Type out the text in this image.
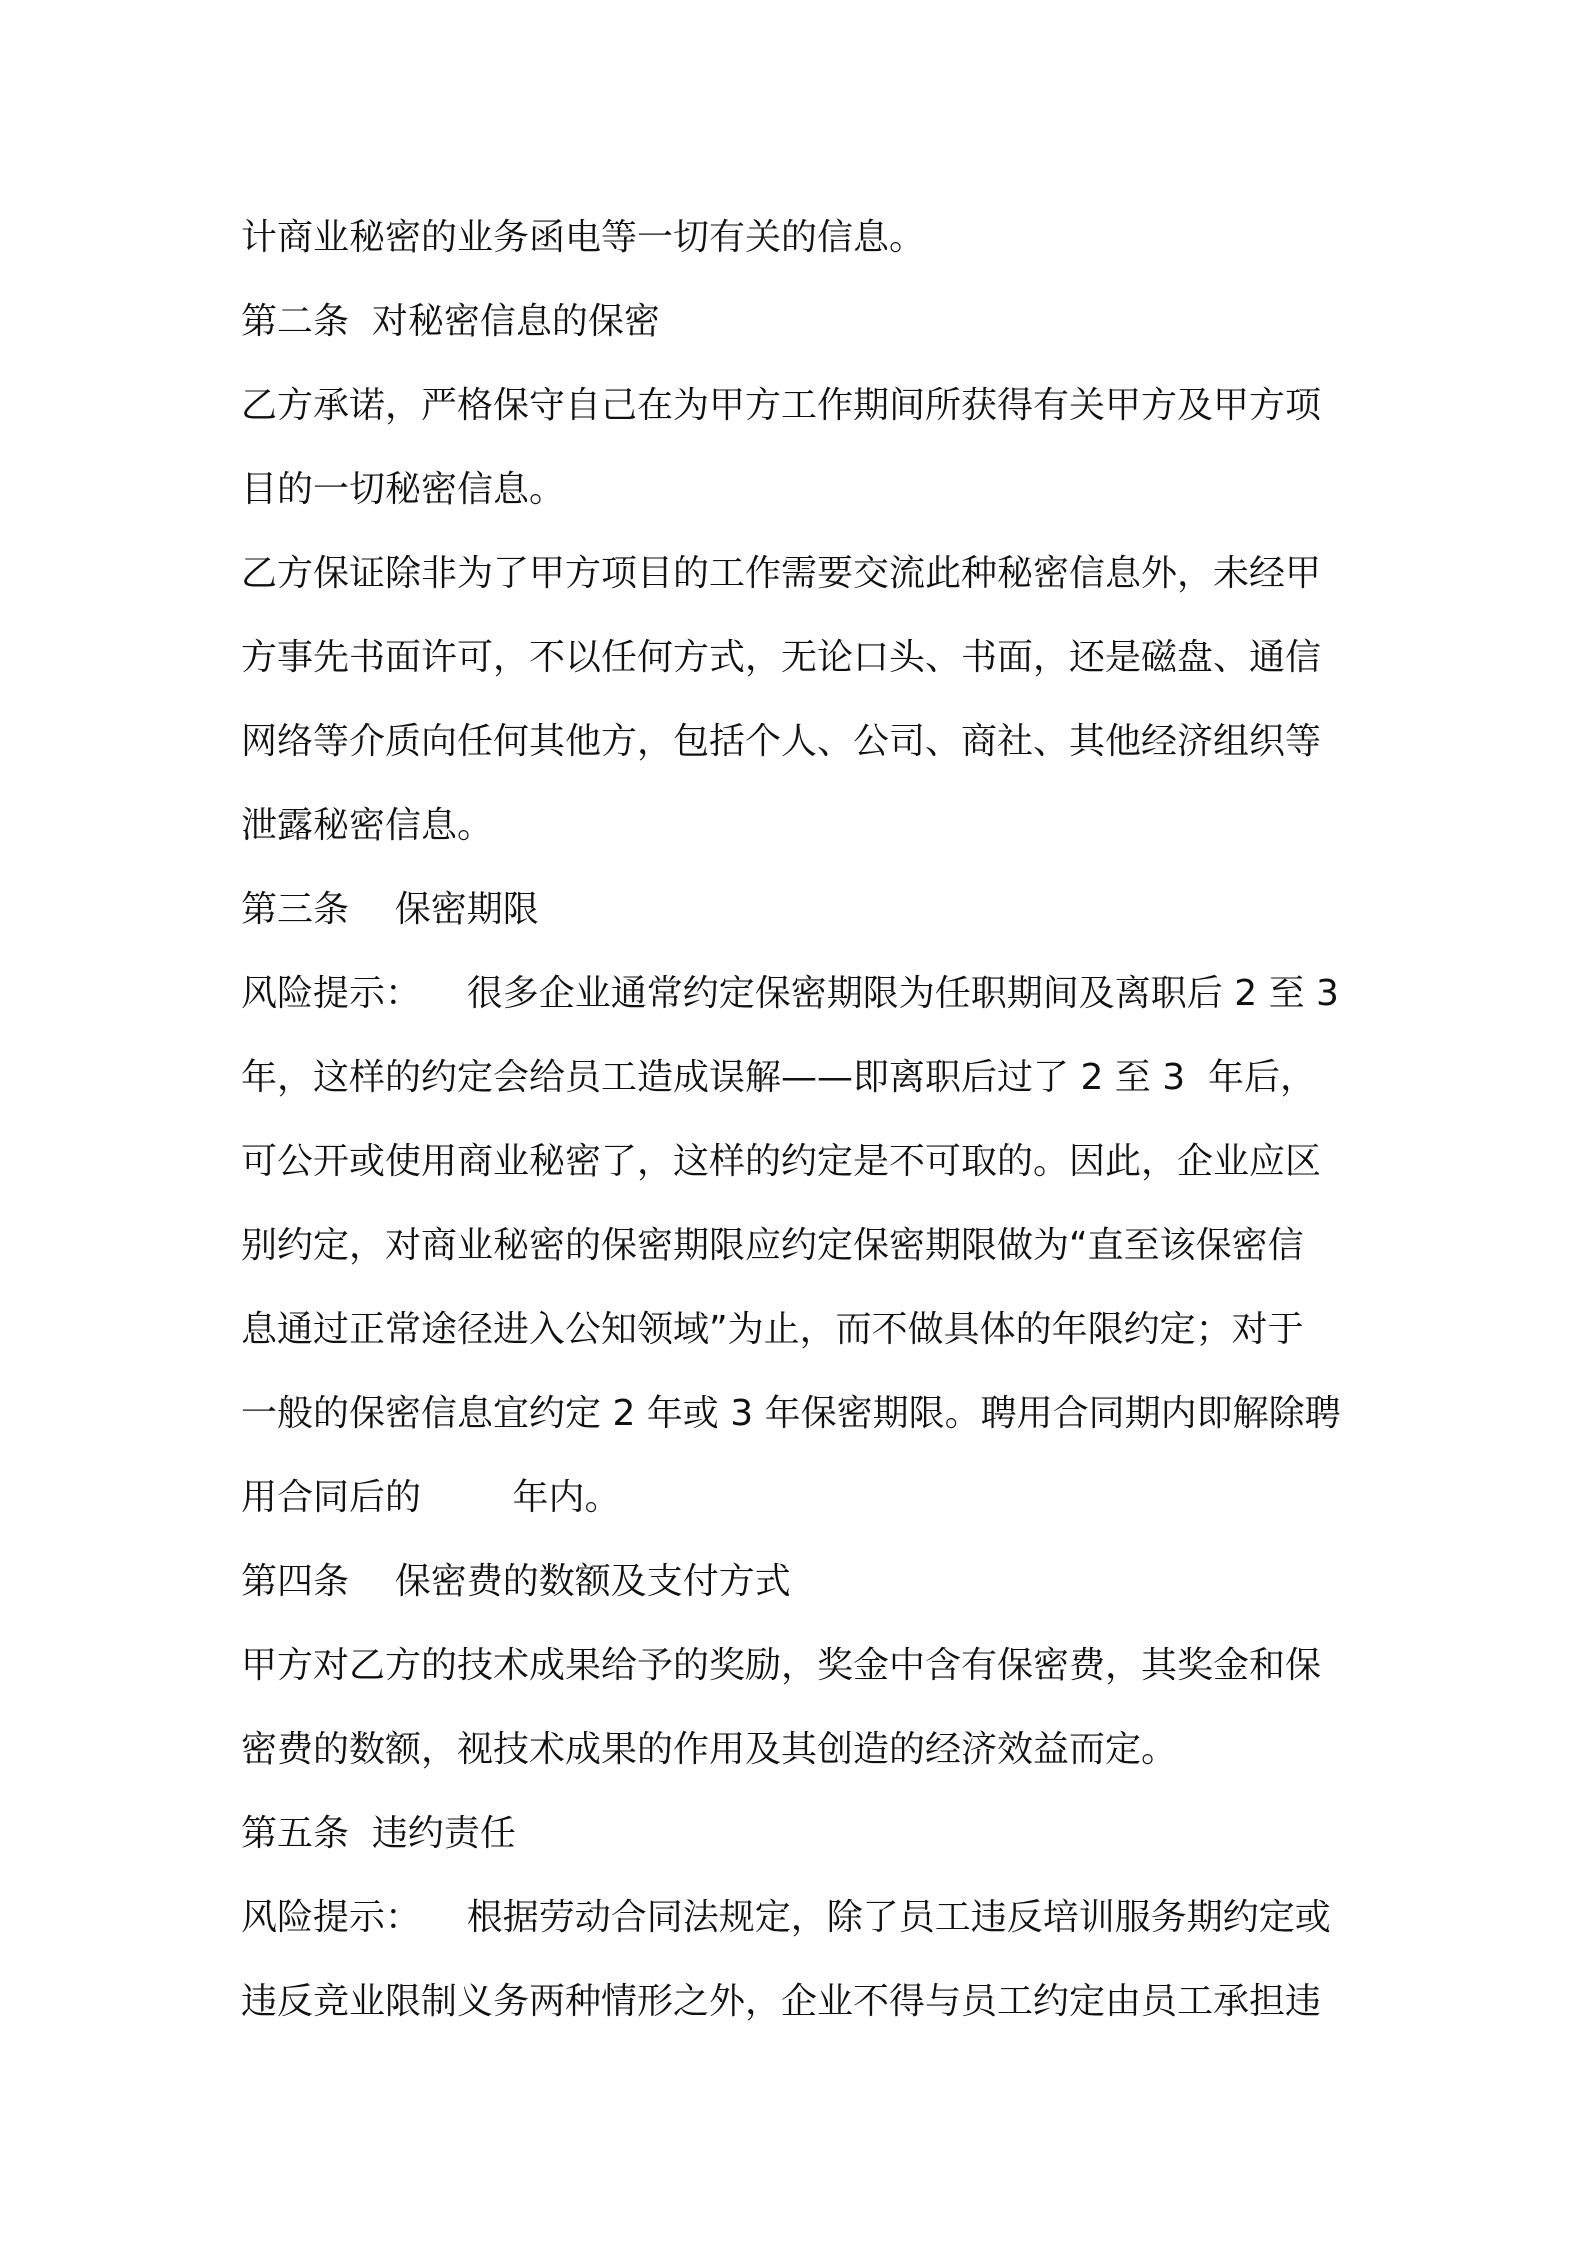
计商业秘密的业务函电等一切有关的信息。
第二条  对秘密信息的保密
乙方承诺，严格保守自己在为甲方工作期间所获得有关甲方及甲方项
目的一切秘密信息。
乙方保证除非为了甲方项目的工作需要交流此种秘密信息外，未经甲
方事先书面许可，不以任何方式，无论口头、书面，还是磁盘、通信
网络等介质向任何其他方，包括个人、公司、商社、其他经济组织等
泄露秘密信息。
第三条    保密期限
风险提示：    很多企业通常约定保密期限为任职期间及离职后 2 至 3
年，这样的约定会给员工造成误解——即离职后过了 2 至 3  年后，
可公开或使用商业秘密了，这样的约定是不可取的。因此，企业应区
别约定，对商业秘密的保密期限应约定保密期限做为“直至该保密信
息通过正常途径进入公知领域”为止，而不做具体的年限约定；对于
一般的保密信息宜约定 2 年或 3 年保密期限。聘用合同期内即解除聘
用合同后的        年内。
第四条    保密费的数额及支付方式
甲方对乙方的技术成果给予的奖励，奖金中含有保密费，其奖金和保
密费的数额，视技术成果的作用及其创造的经济效益而定。
第五条  违约责任
风险提示：    根据劳动合同法规定，除了员工违反培训服务期约定或
违反竞业限制义务两种情形之外，企业不得与员工约定由员工承担违
